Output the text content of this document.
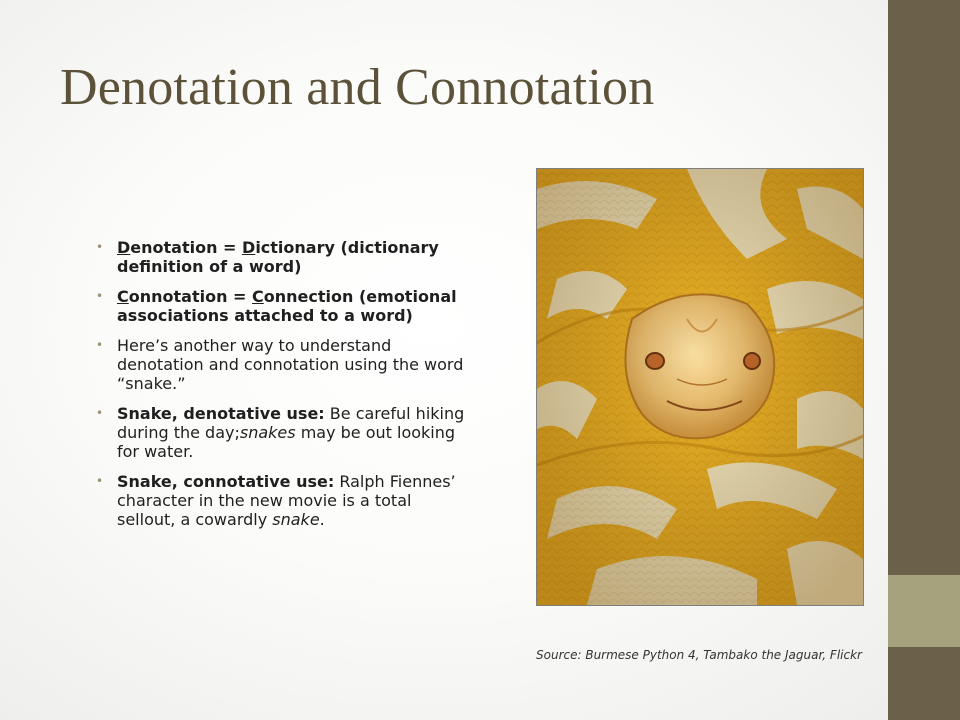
Denotation and Connotation
• Denotation = Dictionary (dictionary definition of a word)
• Connotation = Connection (emotional associations attached to a word)
• Here’s another way to understand denotation and connotation using the word “snake.”
• Snake, denotative use: Be careful hiking during the day;snakes may be out looking for water.
• Snake, connotative use: Ralph Fiennes’ character in the new movie is a total sellout, a cowardly snake.
Source: Burmese Python 4, Tambako the Jaguar, Flickr
